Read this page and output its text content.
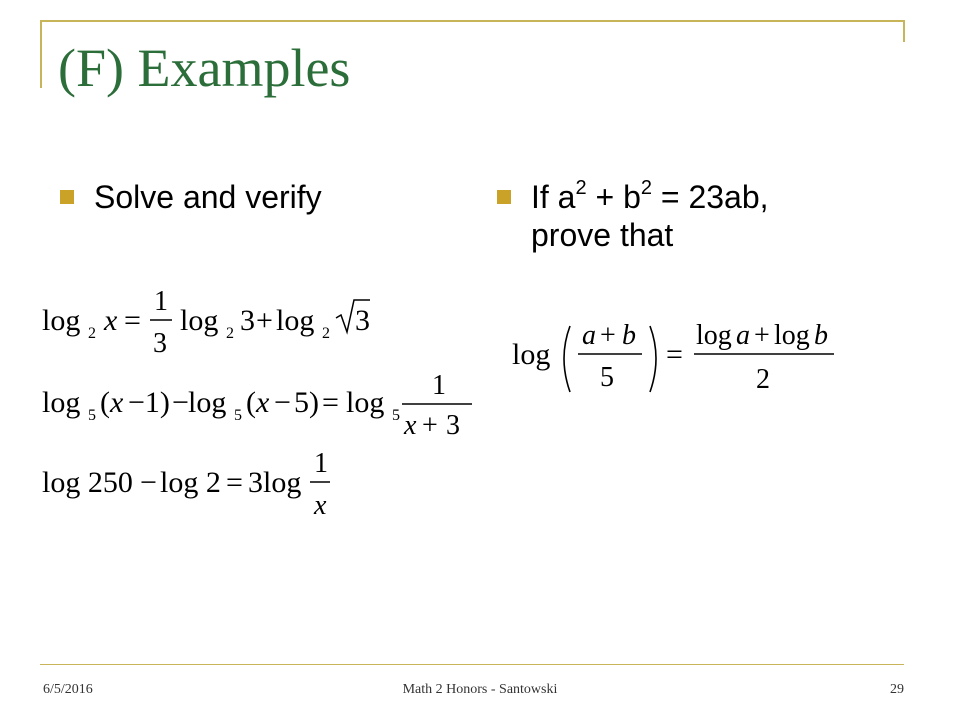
(F) Examples
Solve and verify	If $a^2 + b^2 = 23ab$, prove that
log 2 x =
1
3
log 2 3 + log 2 3
log 5 ( x −1) − log 5 ( x − 5) = log 5
1
x + 3
log 250 − log 2 = 3log
1
x
log
a + b
5
=
log a + log b
2
6/5/2016	Math 2 Honors - Santowski	29
